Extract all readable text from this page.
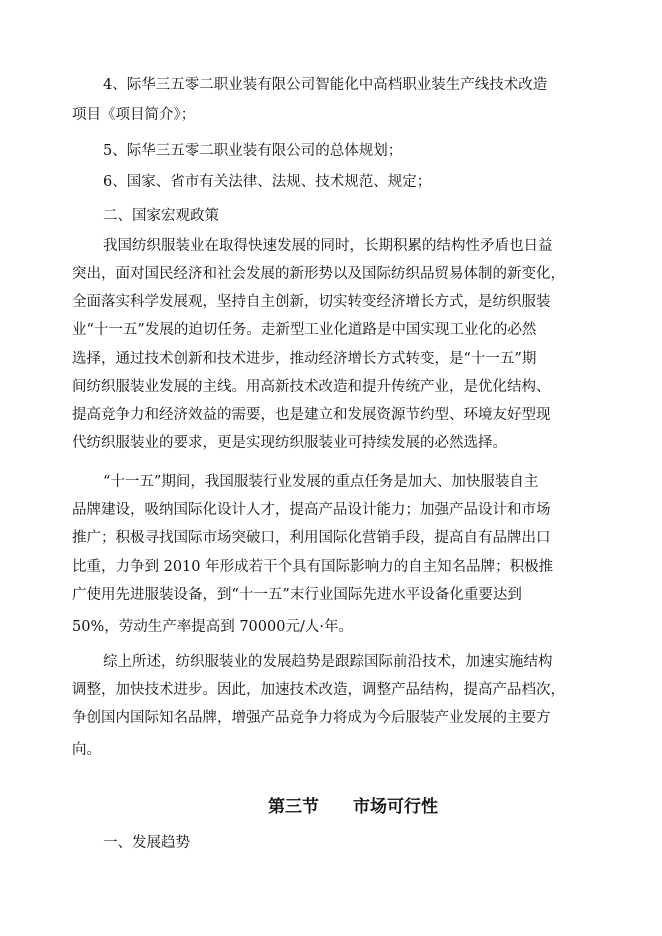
4、际华三五零二职业装有限公司智能化中高档职业装生产线技术改造
项目《项目简介》；
5、际华三五零二职业装有限公司的总体规划；
6、国家、省市有关法律、法规、技术规范、规定；
二、国家宏观政策
我国纺织服装业在取得快速发展的同时，长期积累的结构性矛盾也日益
突出，面对国民经济和社会发展的新形势以及国际纺织品贸易体制的新变化，
全面落实科学发展观，坚持自主创新，切实转变经济增长方式，是纺织服装
业“十一五”发展的迫切任务。走新型工业化道路是中国实现工业化的必然
选择，通过技术创新和技术进步，推动经济增长方式转变，是“十一五”期
间纺织服装业发展的主线。用高新技术改造和提升传统产业，是优化结构、
提高竞争力和经济效益的需要，也是建立和发展资源节约型、环境友好型现
代纺织服装业的要求，更是实现纺织服装业可持续发展的必然选择。
“十一五”期间，我国服装行业发展的重点任务是加大、加快服装自主
品牌建设，吸纳国际化设计人才，提高产品设计能力；加强产品设计和市场
推广；积极寻找国际市场突破口，利用国际化营销手段，提高自有品牌出口
比重，力争到 2010 年形成若干个具有国际影响力的自主知名品牌；积极推
广使用先进服装设备，到“十一五”末行业国际先进水平设备化重要达到
50%，劳动生产率提高到 70000元/人·年。
综上所述，纺织服装业的发展趋势是跟踪国际前沿技术，加速实施结构
调整，加快技术进步。因此，加速技术改造，调整产品结构，提高产品档次，
争创国内国际知名品牌，增强产品竞争力将成为今后服装产业发展的主要方
向。
第三节 市场可行性
一、发展趋势
